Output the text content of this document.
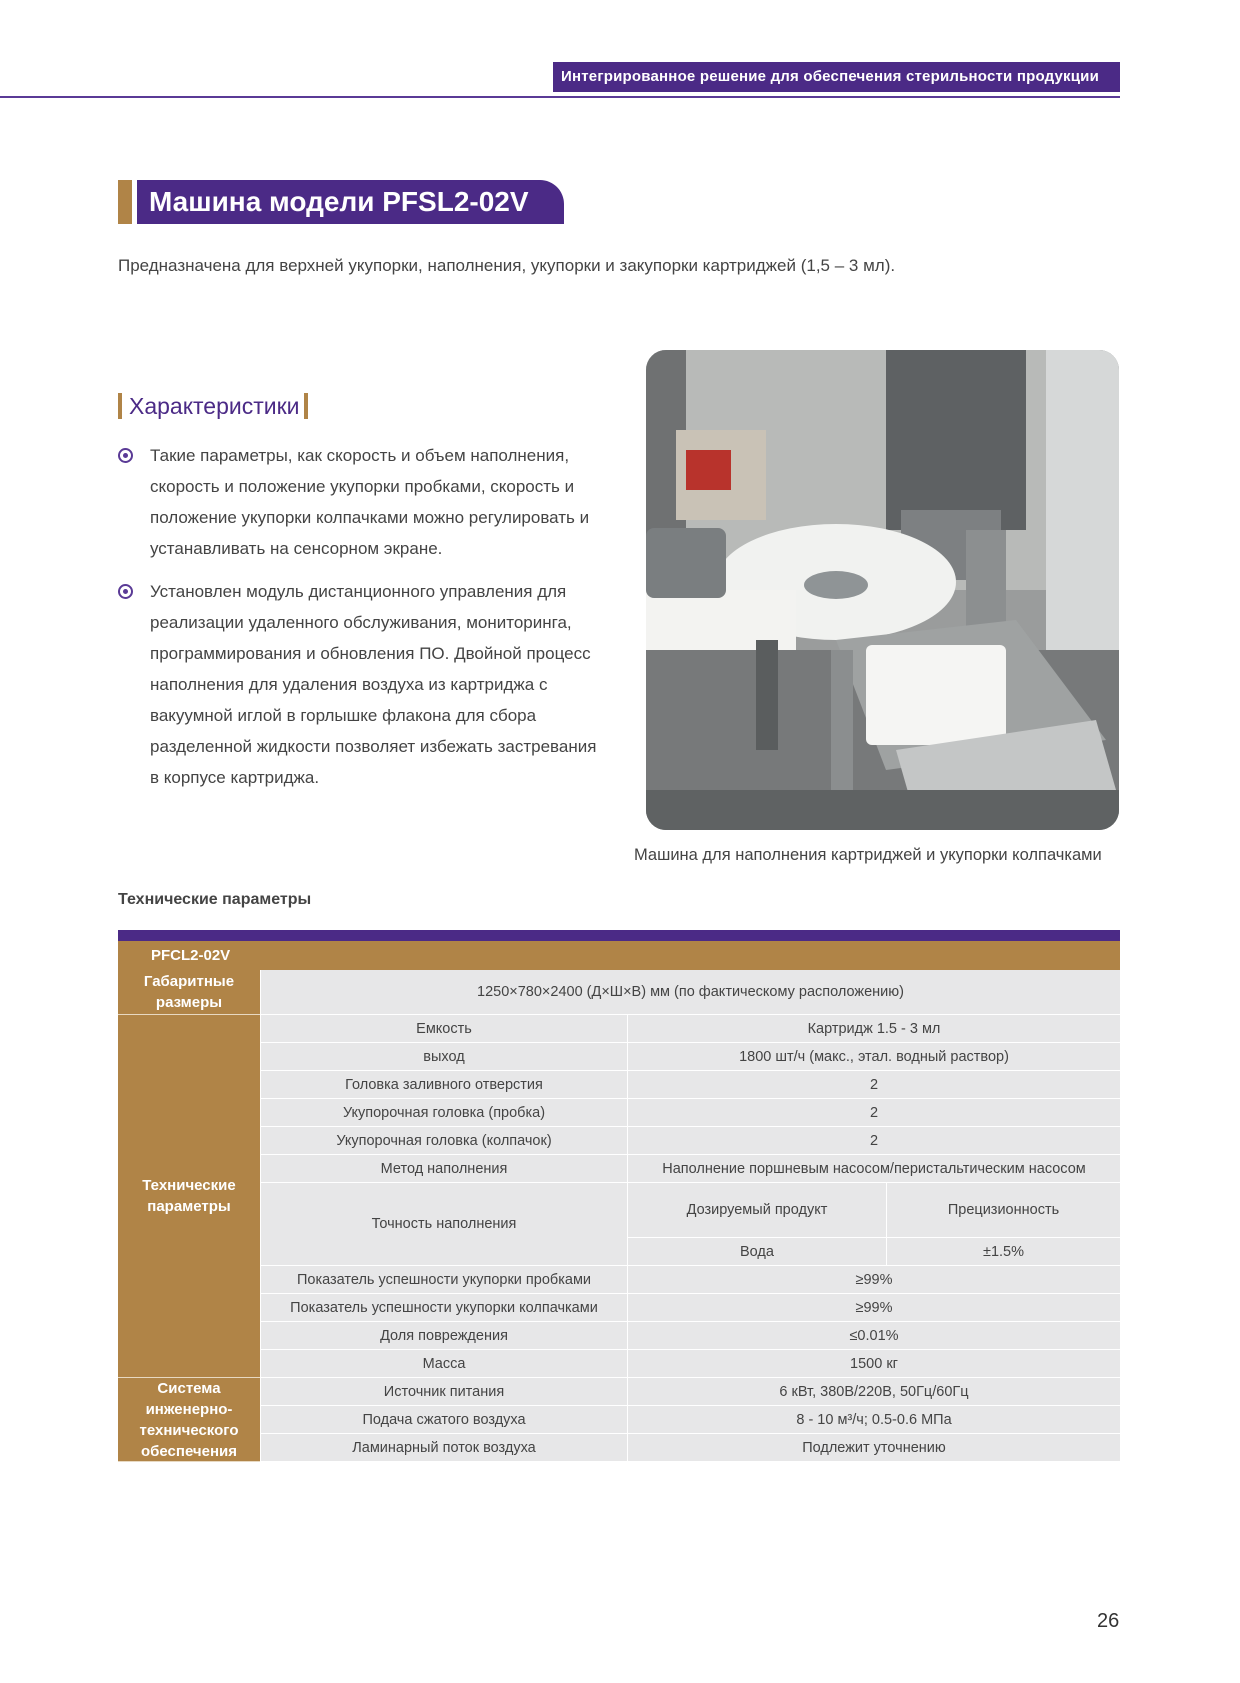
Интегрированное решение для обеспечения стерильности продукции
Машина модели PFSL2-02V
Предназначена для верхней укупорки, наполнения, укупорки и закупорки картриджей (1,5 – 3 мл).
Характеристики
Такие параметры, как скорость и объем наполнения,
скорость и положение укупорки пробками, скорость и
положение укупорки колпачками можно регулировать и
устанавливать на сенсорном экране.
Установлен модуль дистанционного управления для
реализации удаленного обслуживания, мониторинга,
программирования и обновления ПО. Двойной процесс
наполнения для удаления воздуха из картриджа с
вакуумной иглой в горлышке флакона для сбора
разделенной жидкости позволяет избежать застревания
в корпусе картриджа.
Машина для наполнения картриджей и укупорки колпачками
Технические параметры
PFCL2-02V
Габаритные размеры
1250×780×2400 (Д×Ш×В) мм (по фактическому расположению)
Технические параметры
Емкость	Картридж 1.5 - 3 мл
выход	1800 шт/ч (макс., этал. водный раствор)
Головка заливного отверстия	2
Укупорочная головка (пробка)	2
Укупорочная головка (колпачок)	2
Метод наполнения	Наполнение поршневым насосом/перистальтическим насосом
Точность наполнения
Дозируемый продукт	Прецизионность
Вода	±1.5%
Показатель успешности укупорки пробками	≥99%
Показатель успешности укупорки колпачками	≥99%
Доля повреждения	≤0.01%
Масса	1500 кг
Система инженерно-технического обеспечения
Источник питания	6 кВт, 380В/220В, 50Гц/60Гц
Подача сжатого воздуха	8 - 10 м³/ч; 0.5-0.6 МПа
Ламинарный поток воздуха	Подлежит уточнению
26
